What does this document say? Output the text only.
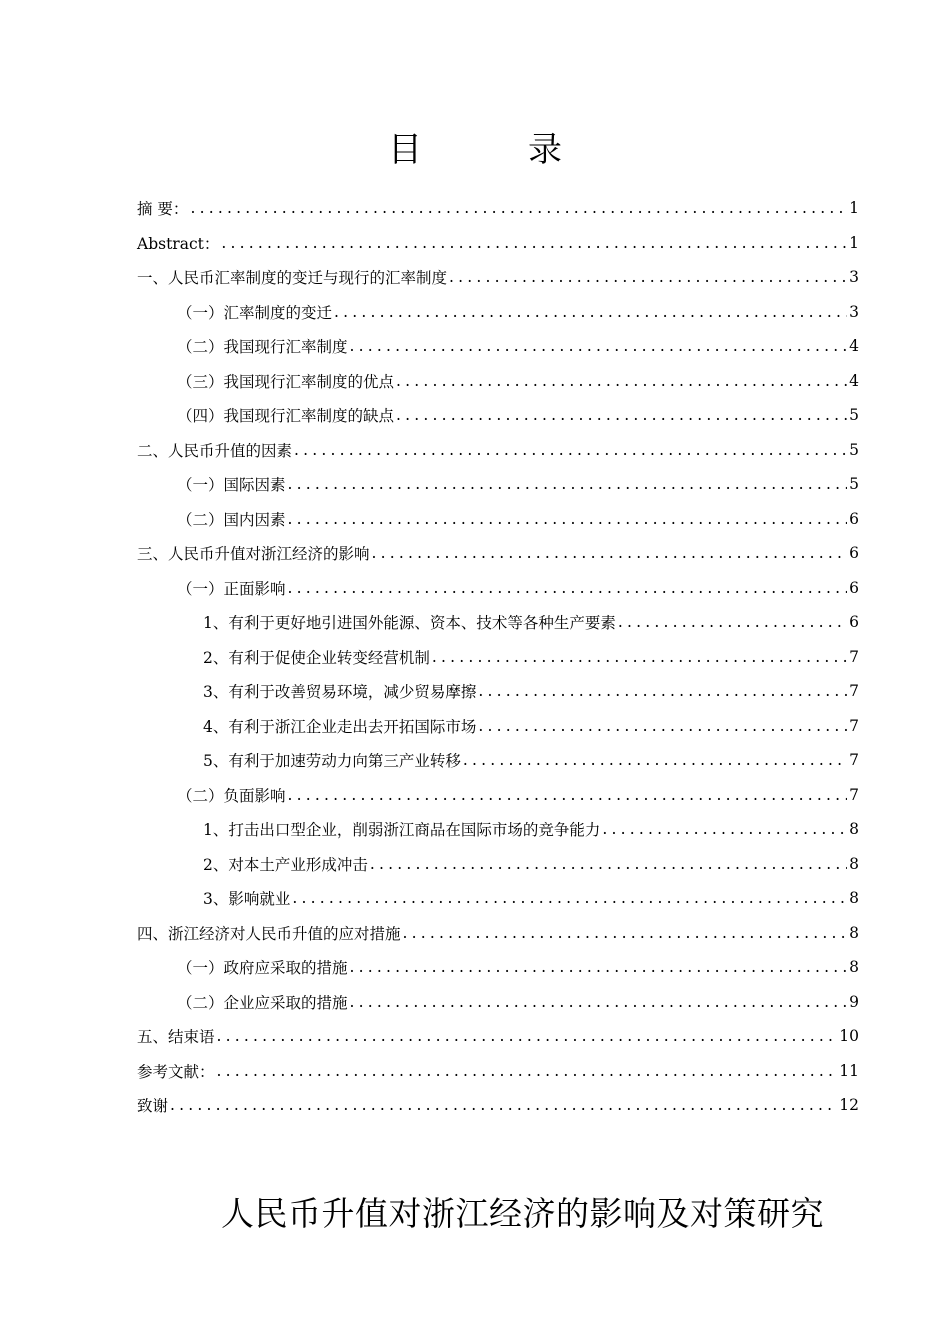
目　录
摘 要： .....	1
Abstract： .....	1
一、人民币汇率制度的变迁与现行的汇率制度 .....	3
（一）汇率制度的变迁 .....	3
（二）我国现行汇率制度 .....	4
（三）我国现行汇率制度的优点 .....	4
（四）我国现行汇率制度的缺点 .....	5
二、人民币升值的因素 .....	5
（一）国际因素 .....	5
（二）国内因素 .....	6
三、人民币升值对浙江经济的影响 .....	6
（一）正面影响 .....	6
1、有利于更好地引进国外能源、资本、技术等各种生产要素 .....	6
2、有利于促使企业转变经营机制 .....	7
3、有利于改善贸易环境，减少贸易摩擦 .....	7
4、有利于浙江企业走出去开拓国际市场 .....	7
5、有利于加速劳动力向第三产业转移 .....	7
（二）负面影响 .....	7
1、打击出口型企业，削弱浙江商品在国际市场的竞争能力 .....	8
2、对本土产业形成冲击 .....	8
3、影响就业 .....	8
四、浙江经济对人民币升值的应对措施 .....	8
（一）政府应采取的措施 .....	8
（二）企业应采取的措施 .....	9
五、结束语 .....	10
参考文献： .....	11
致谢 .....	12
人民币升值对浙江经济的影响及对策研究
